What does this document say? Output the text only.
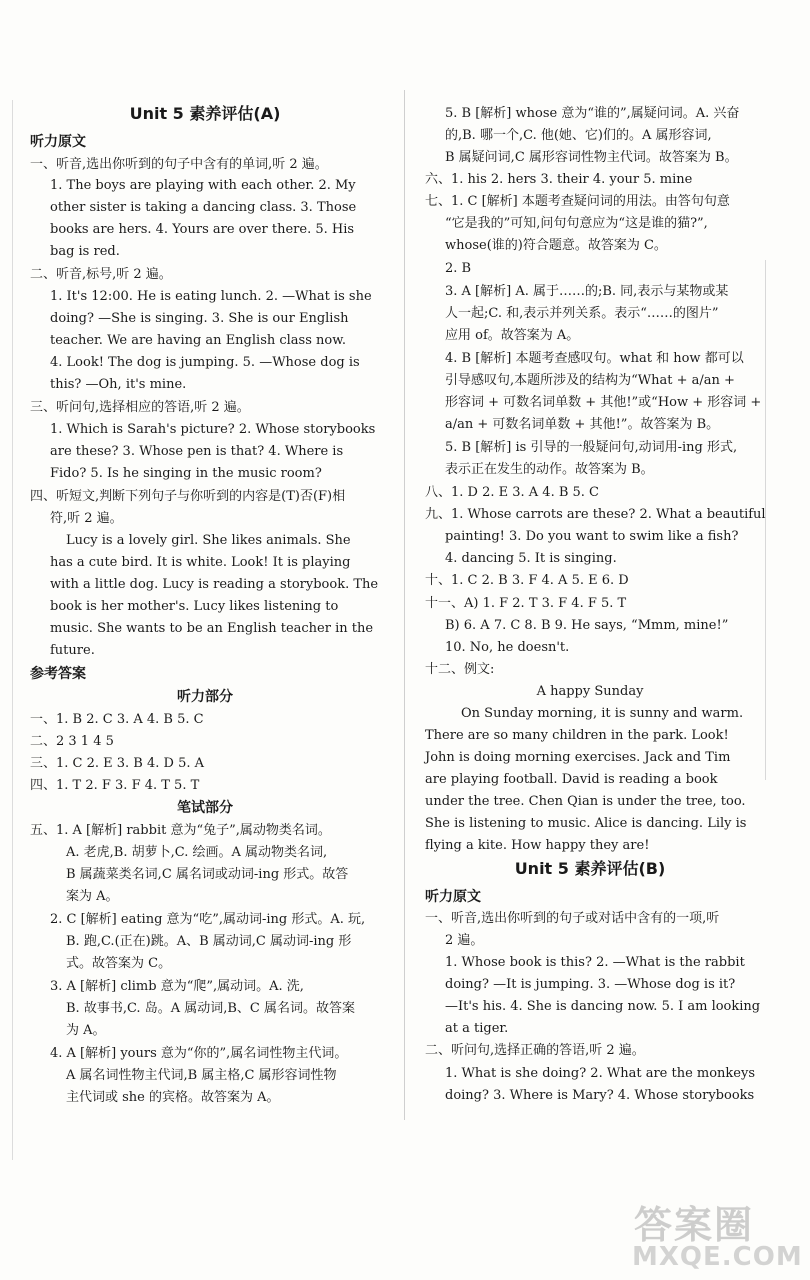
Unit 5 素养评估(A)
听力原文
一、听音,选出你听到的句子中含有的单词,听 2 遍。
1. The boys are playing with each other. 2. My
other sister is taking a dancing class. 3. Those
books are hers. 4. Yours are over there. 5. His
bag is red.
二、听音,标号,听 2 遍。
1. It's 12:00. He is eating lunch. 2. —What is she
doing? —She is singing. 3. She is our English
teacher. We are having an English class now.
4. Look! The dog is jumping. 5. —Whose dog is
this? —Oh, it's mine.
三、听问句,选择相应的答语,听 2 遍。
1. Which is Sarah's picture? 2. Whose storybooks
are these? 3. Whose pen is that? 4. Where is
Fido? 5. Is he singing in the music room?
四、听短文,判断下列句子与你听到的内容是(T)否(F)相
符,听 2 遍。
Lucy is a lovely girl. She likes animals. She
has a cute bird. It is white. Look! It is playing
with a little dog. Lucy is reading a storybook. The
book is her mother's. Lucy likes listening to
music. She wants to be an English teacher in the
future.
参考答案
听力部分
一、1. B 2. C 3. A 4. B 5. C
二、2 3 1 4 5
三、1. C 2. E 3. B 4. D 5. A
四、1. T 2. F 3. F 4. T 5. T
笔试部分
五、1. A [解析] rabbit 意为“兔子”,属动物类名词。
A. 老虎,B. 胡萝卜,C. 绘画。A 属动物类名词,
B 属蔬菜类名词,C 属名词或动词-ing 形式。故答
案为 A。
2. C [解析] eating 意为“吃”,属动词-ing 形式。A. 玩,
B. 跑,C.(正在)跳。A、B 属动词,C 属动词-ing 形
式。故答案为 C。
3. A [解析] climb 意为“爬”,属动词。A. 洗,
B. 故事书,C. 岛。A 属动词,B、C 属名词。故答案
为 A。
4. A [解析] yours 意为“你的”,属名词性物主代词。
A 属名词性物主代词,B 属主格,C 属形容词性物
主代词或 she 的宾格。故答案为 A。
5. B [解析] whose 意为“谁的”,属疑问词。A. 兴奋
的,B. 哪一个,C. 他(她、它)们的。A 属形容词,
B 属疑问词,C 属形容词性物主代词。故答案为 B。
六、1. his 2. hers 3. their 4. your 5. mine
七、1. C [解析] 本题考查疑问词的用法。由答句句意
“它是我的”可知,问句句意应为“这是谁的猫?”,
whose(谁的)符合题意。故答案为 C。
2. B
3. A [解析] A. 属于……的;B. 同,表示与某物或某
人一起;C. 和,表示并列关系。表示“……的图片”
应用 of。故答案为 A。
4. B [解析] 本题考查感叹句。what 和 how 都可以
引导感叹句,本题所涉及的结构为“What + a/an +
形容词 + 可数名词单数 + 其他!”或“How + 形容词 +
a/an + 可数名词单数 + 其他!”。故答案为 B。
5. B [解析] is 引导的一般疑问句,动词用-ing 形式,
表示正在发生的动作。故答案为 B。
八、1. D 2. E 3. A 4. B 5. C
九、1. Whose carrots are these? 2. What a beautiful
painting! 3. Do you want to swim like a fish?
4. dancing 5. It is singing.
十、1. C 2. B 3. F 4. A 5. E 6. D
十一、A) 1. F 2. T 3. F 4. F 5. T
B) 6. A 7. C 8. B 9. He says, “Mmm, mine!”
10. No, he doesn't.
十二、例文:
A happy Sunday
On Sunday morning, it is sunny and warm.
There are so many children in the park. Look!
John is doing morning exercises. Jack and Tim
are playing football. David is reading a book
under the tree. Chen Qian is under the tree, too.
She is listening to music. Alice is dancing. Lily is
flying a kite. How happy they are!
Unit 5 素养评估(B)
听力原文
一、听音,选出你听到的句子或对话中含有的一项,听
2 遍。
1. Whose book is this? 2. —What is the rabbit
doing? —It is jumping. 3. —Whose dog is it?
—It's his. 4. She is dancing now. 5. I am looking
at a tiger.
二、听问句,选择正确的答语,听 2 遍。
1. What is she doing? 2. What are the monkeys
doing? 3. Where is Mary? 4. Whose storybooks
答案圈
MXQE.COM
